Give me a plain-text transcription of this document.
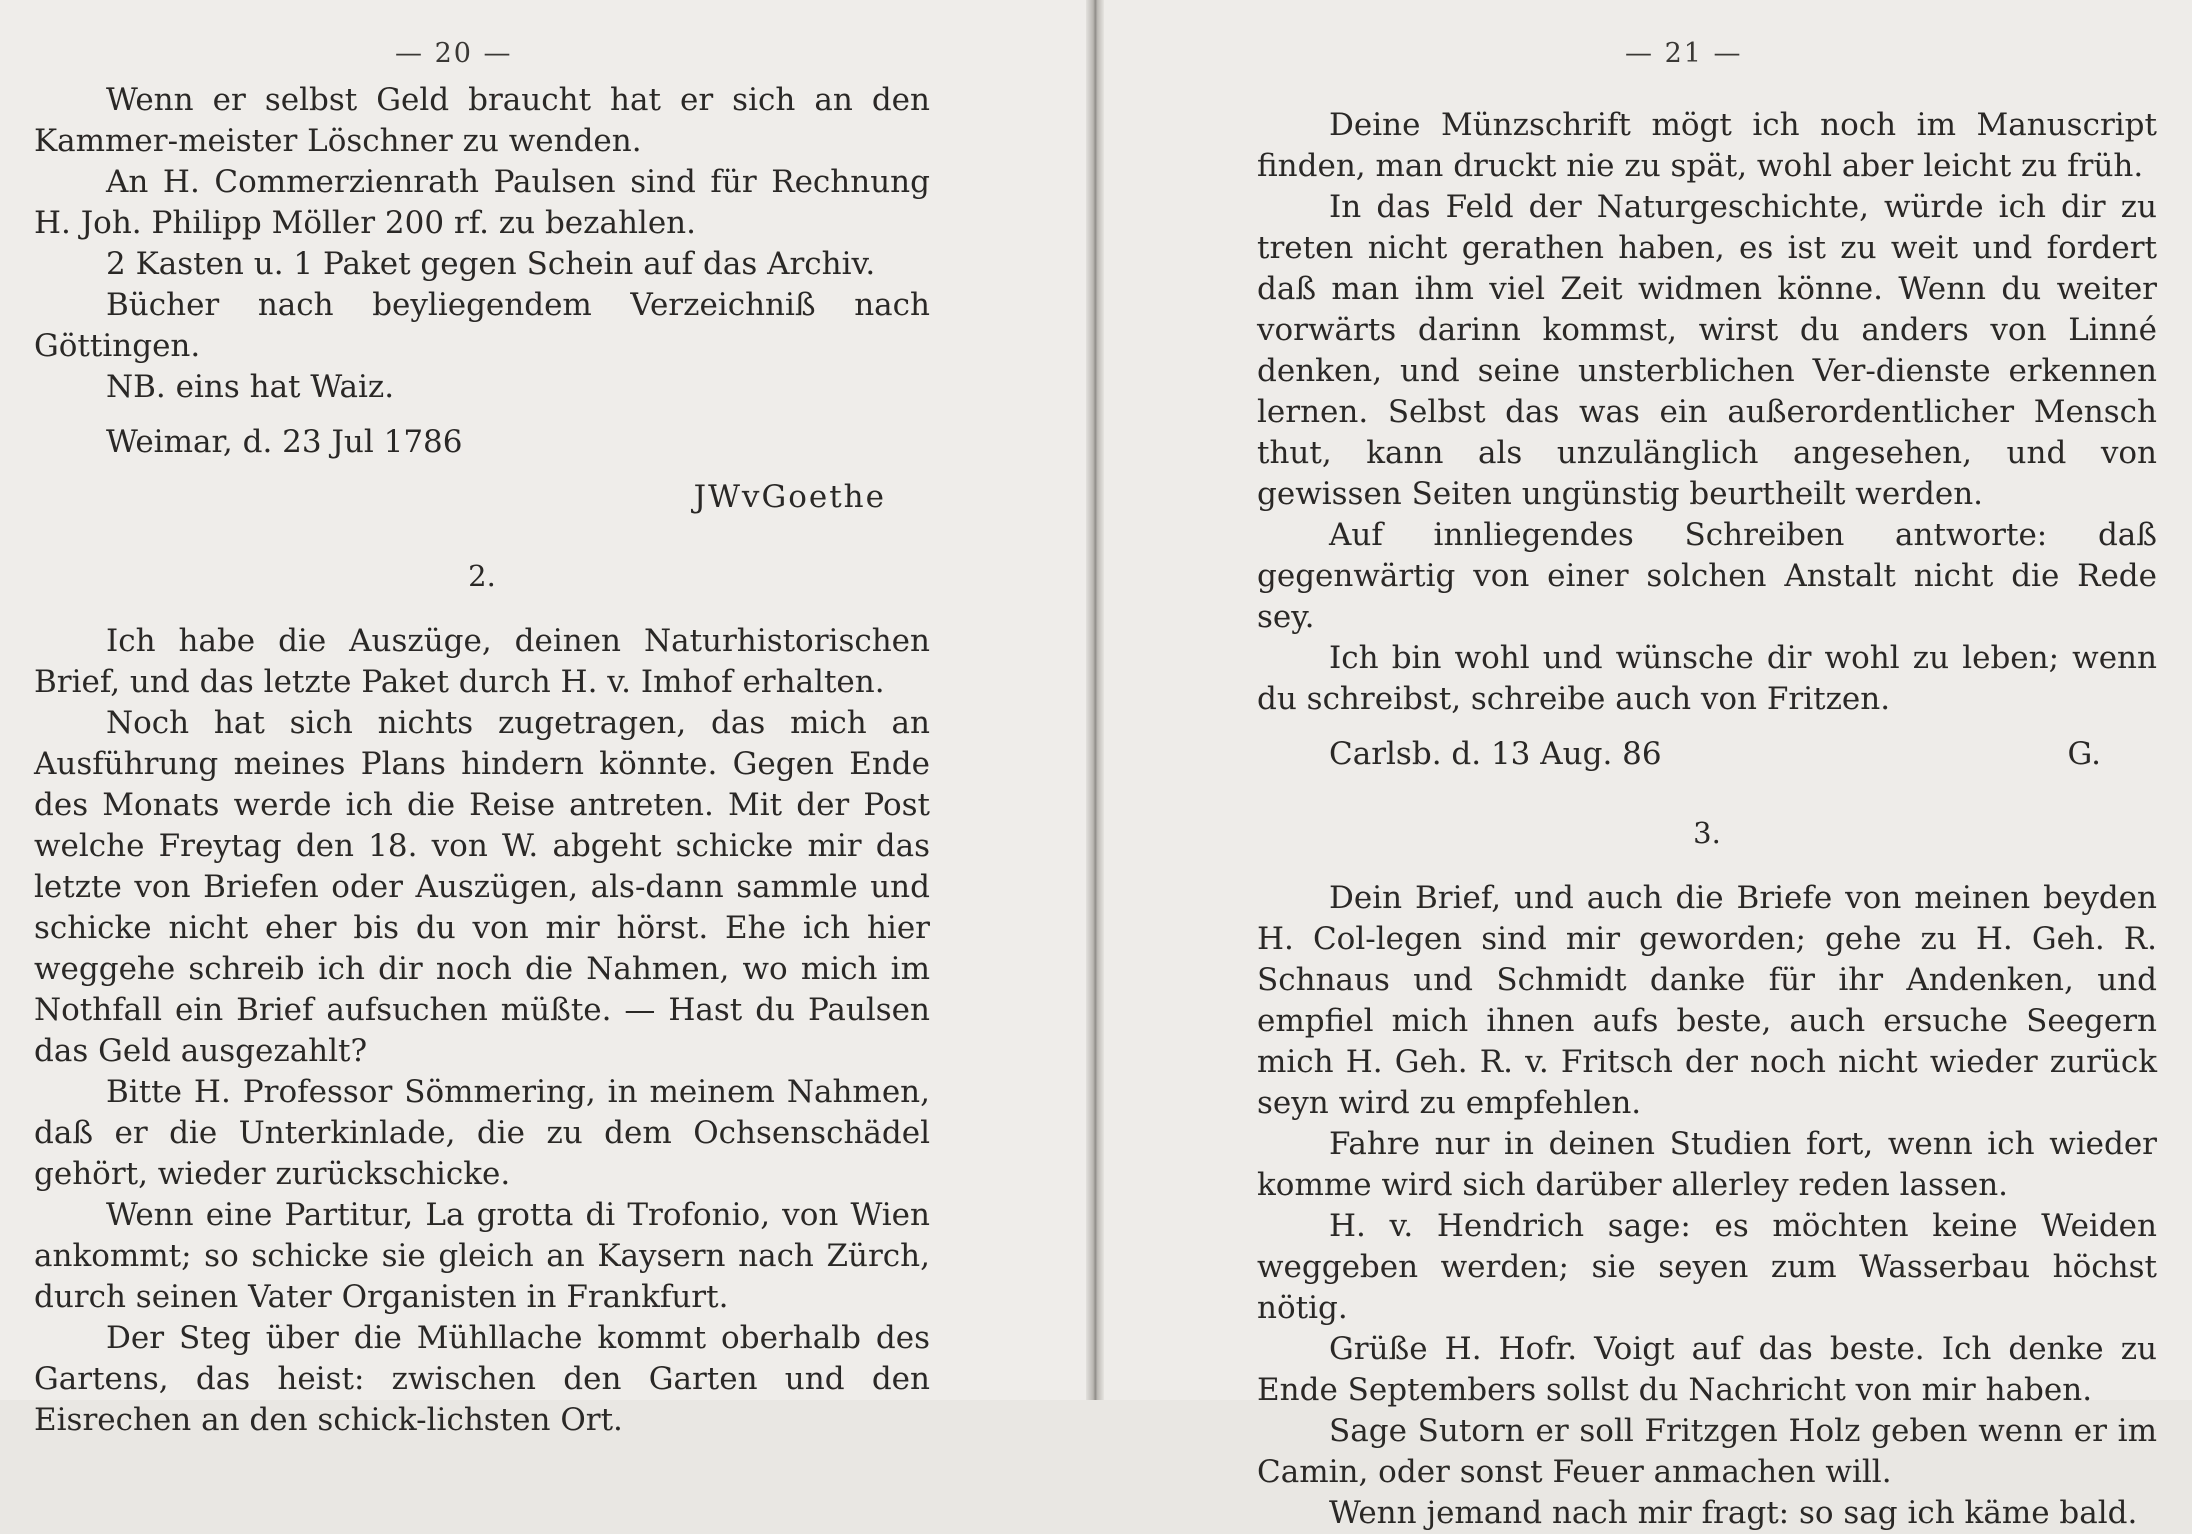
— 20 —

Wenn er selbst Geld braucht hat er sich an den Kammer-meister Löschner zu wenden.

An H. Commerzienrath Paulsen sind für Rechnung H. Joh. Philipp Möller 200 rf. zu bezahlen.

2 Kasten u. 1 Paket gegen Schein auf das Archiv.

Bücher nach beyliegendem Verzeichniß nach Göttingen.

NB. eins hat Waiz.

Weimar, d. 23 Jul 1786

JWvGoethe

2.

Ich habe die Auszüge, deinen Naturhistorischen Brief, und das letzte Paket durch H. v. Imhof erhalten.

Noch hat sich nichts zugetragen, das mich an Ausführung meines Plans hindern könnte. Gegen Ende des Monats werde ich die Reise antreten. Mit der Post welche Freytag den 18. von W. abgeht schicke mir das letzte von Briefen oder Auszügen, als-dann sammle und schicke nicht eher bis du von mir hörst. Ehe ich hier weggehe schreib ich dir noch die Nahmen, wo mich im Nothfall ein Brief aufsuchen müßte. — Hast du Paulsen das Geld ausgezahlt?

Bitte H. Professor Sömmering, in meinem Nahmen, daß er die Unterkinlade, die zu dem Ochsenschädel gehört, wieder zurückschicke.

Wenn eine Partitur, La grotta di Trofonio, von Wien ankommt; so schicke sie gleich an Kaysern nach Zürch, durch seinen Vater Organisten in Frankfurt.

Der Steg über die Mühllache kommt oberhalb des Gartens, das heist: zwischen den Garten und den Eisrechen an den schick-lichsten Ort.

— 21 —

Deine Münzschrift mögt ich noch im Manuscript finden, man druckt nie zu spät, wohl aber leicht zu früh.

In das Feld der Naturgeschichte, würde ich dir zu treten nicht gerathen haben, es ist zu weit und fordert daß man ihm viel Zeit widmen könne. Wenn du weiter vorwärts darinn kommst, wirst du anders von Linné denken, und seine unsterblichen Ver-dienste erkennen lernen. Selbst das was ein außerordentlicher Mensch thut, kann als unzulänglich angesehen, und von gewissen Seiten ungünstig beurtheilt werden.

Auf innliegendes Schreiben antworte: daß gegenwärtig von einer solchen Anstalt nicht die Rede sey.

Ich bin wohl und wünsche dir wohl zu leben; wenn du schreibst, schreibe auch von Fritzen.

Carlsb. d. 13 Aug. 86	G.

3.

Dein Brief, und auch die Briefe von meinen beyden H. Col-legen sind mir geworden; gehe zu H. Geh. R. Schnaus und Schmidt danke für ihr Andenken, und empfiel mich ihnen aufs beste, auch ersuche Seegern mich H. Geh. R. v. Fritsch der noch nicht wieder zurück seyn wird zu empfehlen.

Fahre nur in deinen Studien fort, wenn ich wieder komme wird sich darüber allerley reden lassen.

H. v. Hendrich sage: es möchten keine Weiden weggeben werden; sie seyen zum Wasserbau höchst nötig.

Grüße H. Hofr. Voigt auf das beste. Ich denke zu Ende Septembers sollst du Nachricht von mir haben.

Sage Sutorn er soll Fritzgen Holz geben wenn er im Camin, oder sonst Feuer anmachen will.

Wenn jemand nach mir fragt: so sag ich käme bald.
